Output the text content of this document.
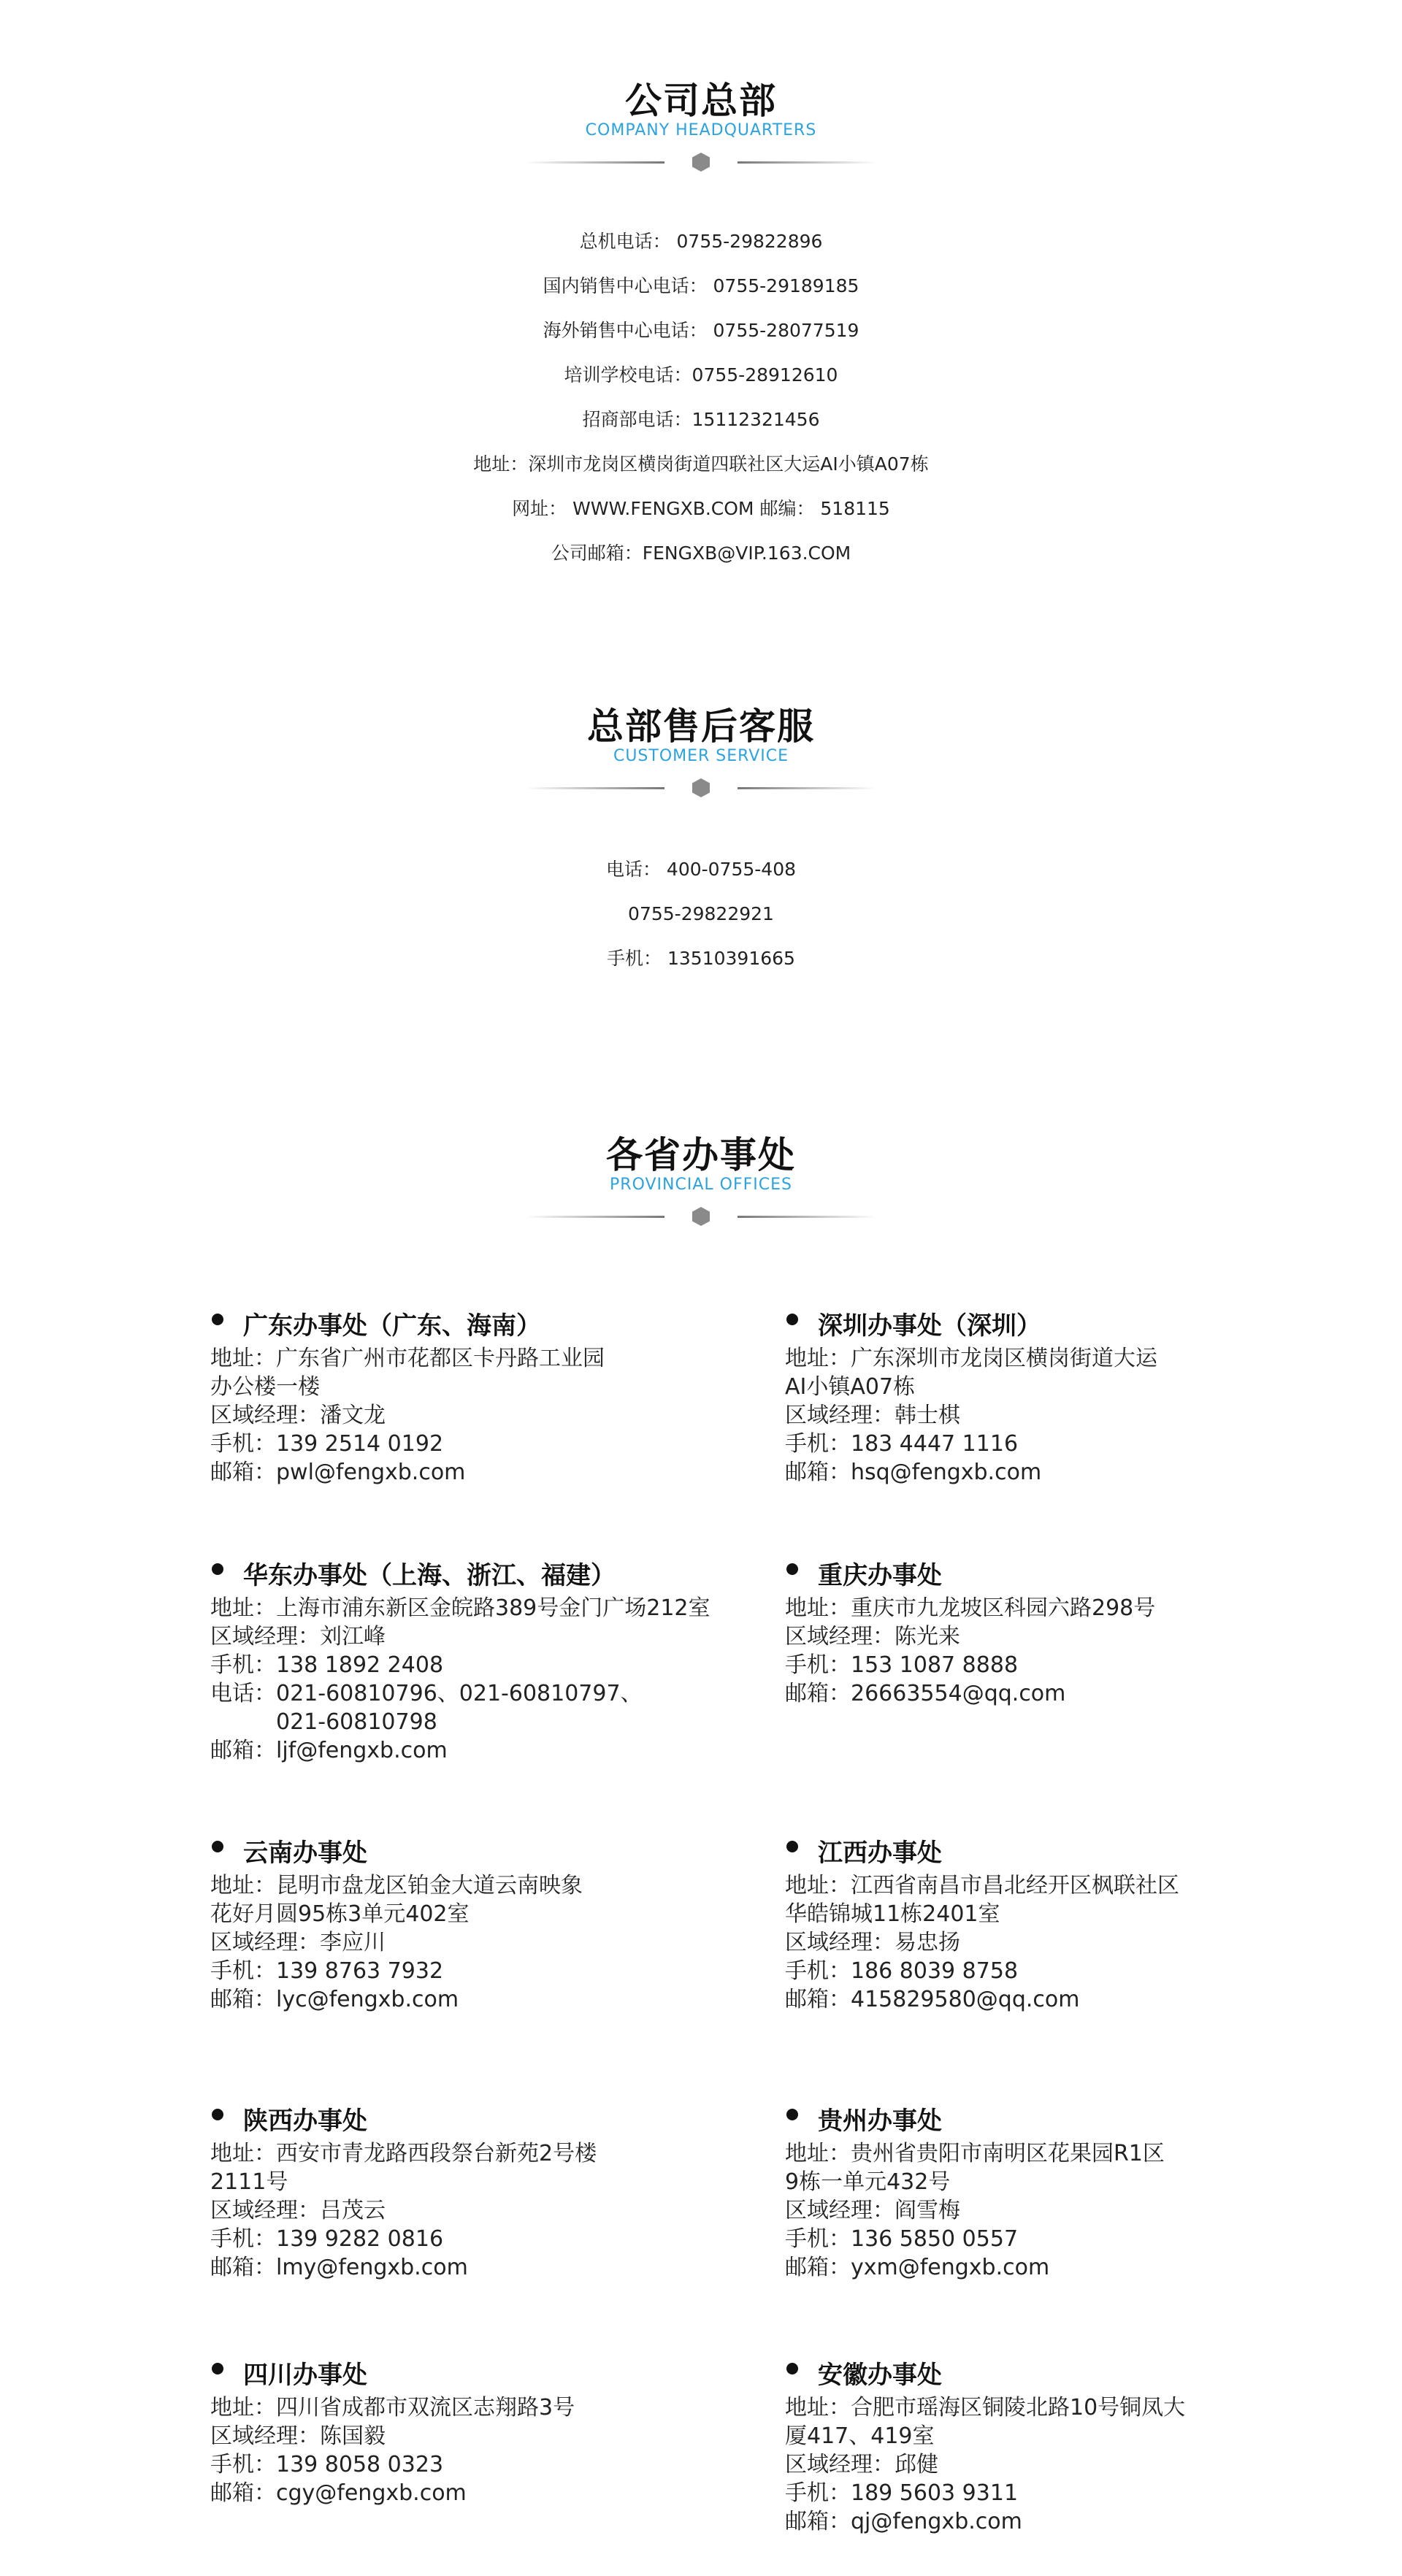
公司总部
COMPANY HEADQUARTERS
总机电话： 0755-29822896
国内销售中心电话： 0755-29189185
海外销售中心电话： 0755-28077519
培训学校电话：0755-28912610
招商部电话：15112321456
地址：深圳市龙岗区横岗街道四联社区大运AI小镇A07栋
网址： WWW.FENGXB.COM 邮编： 518115
公司邮箱：FENGXB@VIP.163.COM
总部售后客服
CUSTOMER SERVICE
电话： 400-0755-408
0755-29822921
手机： 13510391665
各省办事处
PROVINCIAL OFFICES
广东办事处（广东、海南）
地址：广东省广州市花都区卡丹路工业园
办公楼一楼
区域经理：潘文龙
手机：139 2514 0192
邮箱：pwl@fengxb.com
深圳办事处（深圳）
地址：广东深圳市龙岗区横岗街道大运
AI小镇A07栋
区域经理：韩士棋
手机：183 4447 1116
邮箱：hsq@fengxb.com
华东办事处（上海、浙江、福建）
地址：上海市浦东新区金皖路389号金门广场212室
区域经理：刘江峰
手机：138 1892 2408
电话：021-60810796、021-60810797、
021-60810798
邮箱：ljf@fengxb.com
重庆办事处
地址：重庆市九龙坡区科园六路298号
区域经理：陈光来
手机：153 1087 8888
邮箱：26663554@qq.com
云南办事处
地址：昆明市盘龙区铂金大道云南映象
花好月圆95栋3单元402室
区域经理：李应川
手机：139 8763 7932
邮箱：lyc@fengxb.com
江西办事处
地址：江西省南昌市昌北经开区枫联社区
华皓锦城11栋2401室
区域经理：易忠扬
手机：186 8039 8758
邮箱：415829580@qq.com
陕西办事处
地址：西安市青龙路西段祭台新苑2号楼
2111号
区域经理：吕茂云
手机：139 9282 0816
邮箱：lmy@fengxb.com
贵州办事处
地址：贵州省贵阳市南明区花果园R1区
9栋一单元432号
区域经理：阎雪梅
手机：136 5850 0557
邮箱：yxm@fengxb.com
四川办事处
地址：四川省成都市双流区志翔路3号
区域经理：陈国毅
手机：139 8058 0323
邮箱：cgy@fengxb.com
安徽办事处
地址：合肥市瑶海区铜陵北路10号铜凤大
厦417、419室
区域经理：邱健
手机：189 5603 9311
邮箱：qj@fengxb.com
